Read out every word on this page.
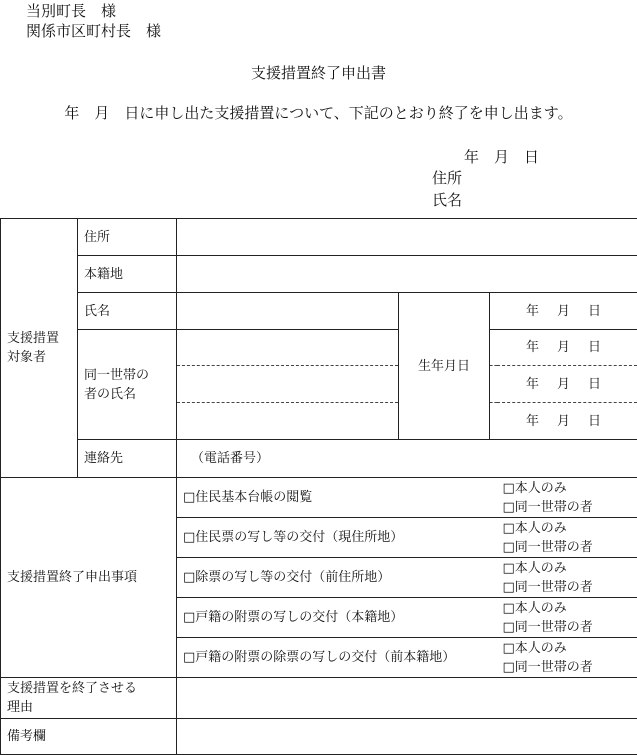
当別町長　様
関係市区町村長　様
支援措置終了申出書
年　月　日に申し出た支援措置について、下記のとおり終了を申し出ます。
年　月　日
住所
氏名
支援措置
対象者	住所				
	本籍地				
	氏名		生年月日	年 月 日	

	同一世帯の
者の氏名			年 月 日	
				年 月 日	
				年 月 日	
	連絡先	（電話番号）			
支援措置終了申出事項		□住民基本台帳の閲覧			□本人のみ
□同一世帯の者

		□住民票の写し等の交付（現住所地）			□本人のみ
□同一世帯の者

		□除票の写し等の交付（前住所地）			□本人のみ
□同一世帯の者

		□戸籍の附票の写しの交付（本籍地）			□本人のみ
□同一世帯の者

		□戸籍の附票の除票の写しの交付（前本籍地）			□本人のみ
□同一世帯の者

支援措置を終了させる
理由					

備考欄					
